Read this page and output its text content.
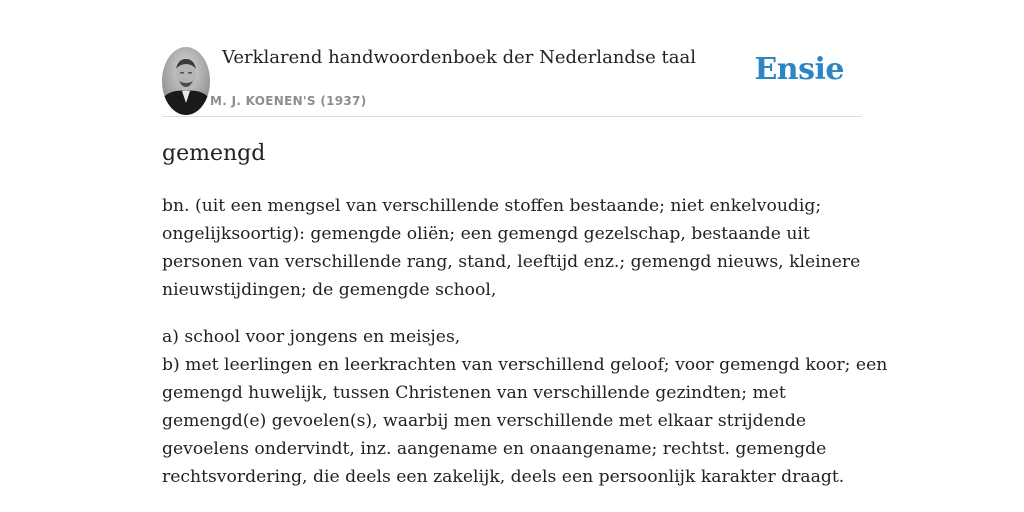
Verklarend handwoordenboek der Nederlandse taal
M. J. KOENEN'S (1937)
Ensie
gemengd

bn. (uit een mengsel van verschillende stoffen bestaande; niet enkelvoudig;
ongelijksoortig): gemengde oliën; een gemengd gezelschap, bestaande uit
personen van verschillende rang, stand, leeftijd enz.; gemengd nieuws, kleinere
nieuwstijdingen; de gemengde school,

a) school voor jongens en meisjes,
b) met leerlingen en leerkrachten van verschillend geloof; voor gemengd koor; een
gemengd huwelijk, tussen Christenen van verschillende gezindten; met
gemengd(e) gevoelen(s), waarbij men verschillende met elkaar strijdende
gevoelens ondervindt, inz. aangename en onaangename; rechtst. gemengde
rechtsvordering, die deels een zakelijk, deels een persoonlijk karakter draagt.
